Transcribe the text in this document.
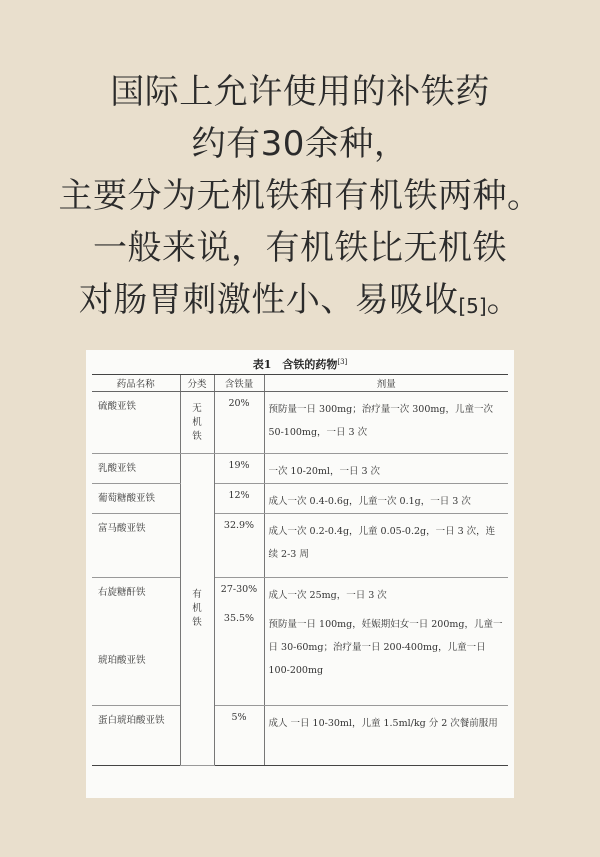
国际上允许使用的补铁药
约有30余种，
主要分为无机铁和有机铁两种。
一般来说，有机铁比无机铁
对肠胃刺激性小、易吸收[5]。
表1　含铁的药物[3]
药品名称	分类	含铁量	剂量
硫酸亚铁	无机铁	20%	预防量一日 300mg；治疗量一次 300mg，儿童一次 50-100mg，一日 3 次
乳酸亚铁	有机铁	19%	一次 10-20ml，一日 3 次
葡萄糖酸亚铁		12%	成人一次 0.4-0.6g，儿童一次 0.1g，一日 3 次
富马酸亚铁		32.9%	成人一次 0.2-0.4g，儿童 0.05-0.2g，一日 3 次，连续 2-3 周
右旋糖酐铁		27-30%	成人一次 25mg，一日 3 次
琥珀酸亚铁		35.5%	预防量一日 100mg，妊娠期妇女一日 200mg，儿童一日 30-60mg；治疗量一日 200-400mg，儿童一日 100-200mg
蛋白琥珀酸亚铁		5%	成人 一日 10-30ml，儿童 1.5ml/kg 分 2 次餐前服用
